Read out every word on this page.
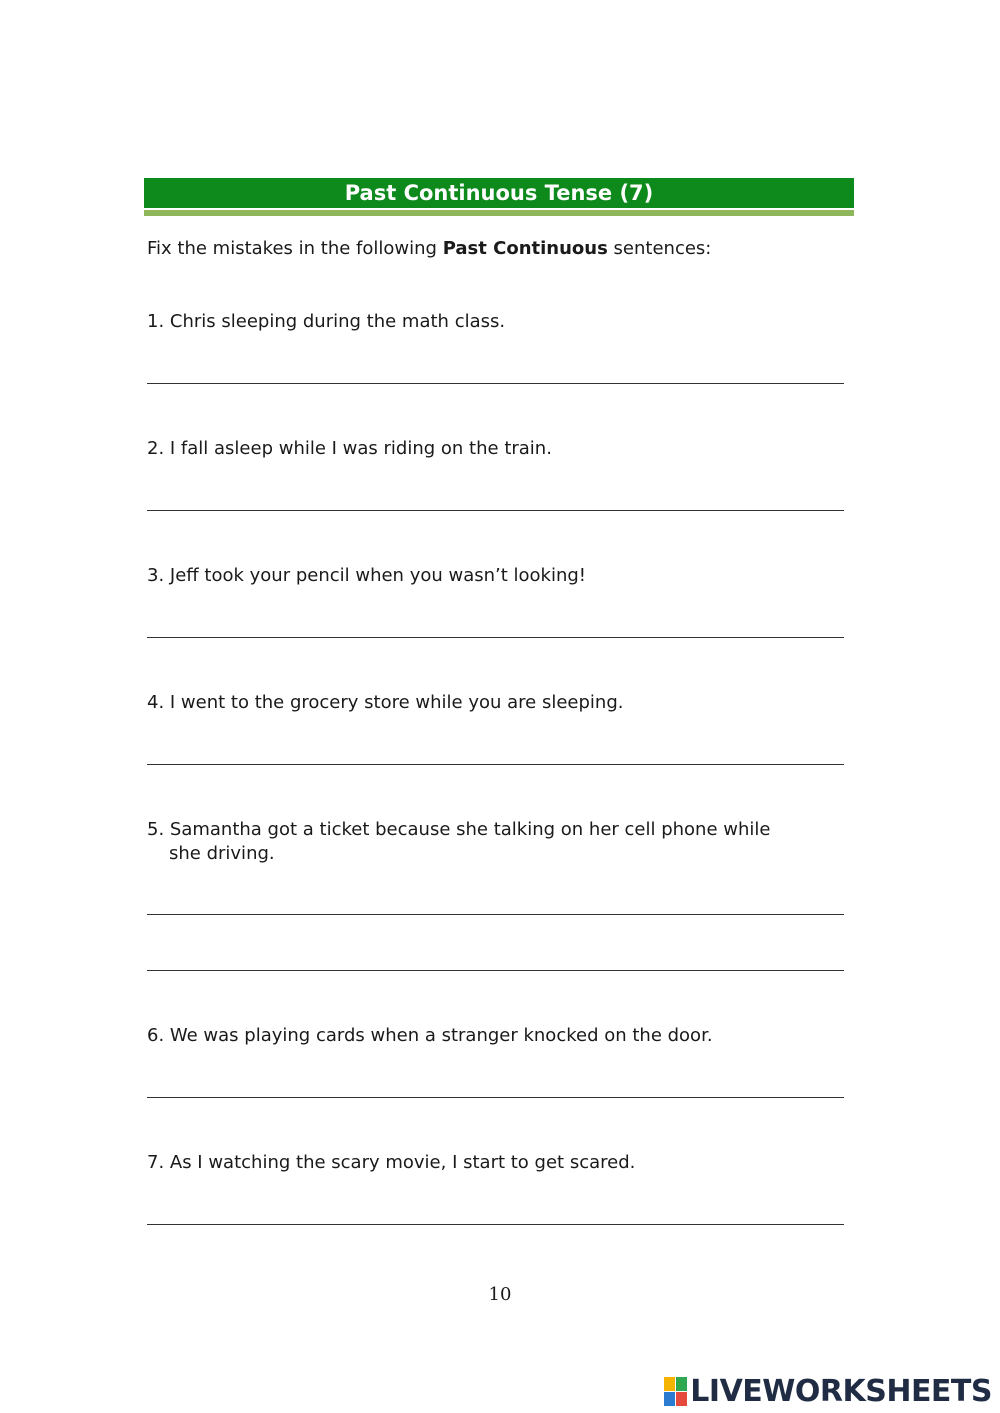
Past Continuous Tense (7)
Fix the mistakes in the following Past Continuous sentences:
1. Chris sleeping during the math class.
2. I fall asleep while I was riding on the train.
3. Jeff took your pencil when you wasn’t looking!
4. I went to the grocery store while you are sleeping.
5. Samantha got a ticket because she talking on her cell phone while
she driving.
6. We was playing cards when a stranger knocked on the door.
7. As I watching the scary movie, I start to get scared.
10
LIVEWORKSHEETS
